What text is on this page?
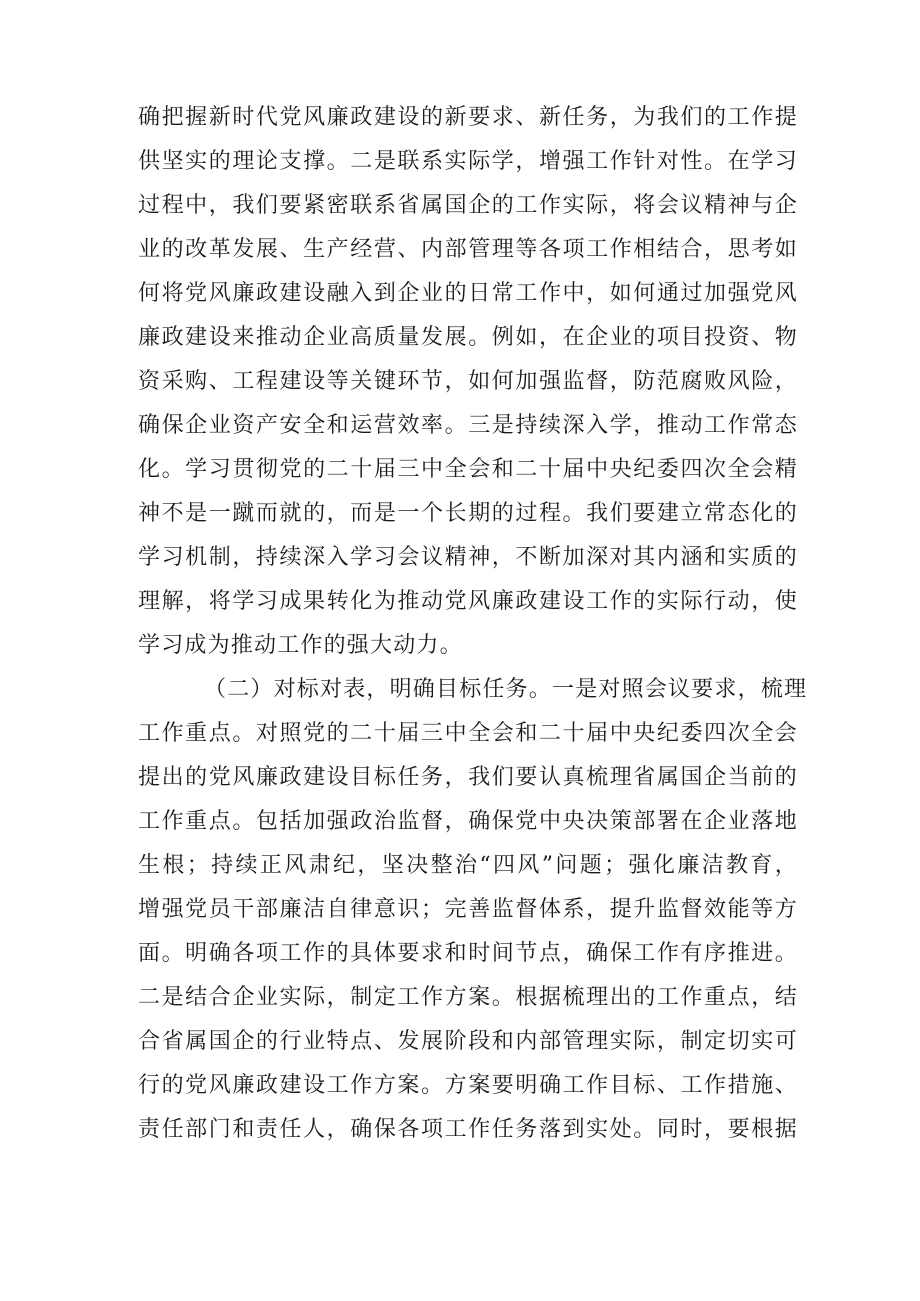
确把握新时代党风廉政建设的新要求、新任务，为我们的工作提
供坚实的理论支撑。二是联系实际学，增强工作针对性。在学习
过程中，我们要紧密联系省属国企的工作实际，将会议精神与企
业的改革发展、生产经营、内部管理等各项工作相结合，思考如
何将党风廉政建设融入到企业的日常工作中，如何通过加强党风
廉政建设来推动企业高质量发展。例如，在企业的项目投资、物
资采购、工程建设等关键环节，如何加强监督，防范腐败风险，
确保企业资产安全和运营效率。三是持续深入学，推动工作常态
化。学习贯彻党的二十届三中全会和二十届中央纪委四次全会精
神不是一蹴而就的，而是一个长期的过程。我们要建立常态化的
学习机制，持续深入学习会议精神，不断加深对其内涵和实质的
理解，将学习成果转化为推动党风廉政建设工作的实际行动，使
学习成为推动工作的强大动力。
（二）对标对表，明确目标任务。一是对照会议要求，梳理
工作重点。对照党的二十届三中全会和二十届中央纪委四次全会
提出的党风廉政建设目标任务，我们要认真梳理省属国企当前的
工作重点。包括加强政治监督，确保党中央决策部署在企业落地
生根；持续正风肃纪，坚决整治“四风”问题；强化廉洁教育，
增强党员干部廉洁自律意识；完善监督体系，提升监督效能等方
面。明确各项工作的具体要求和时间节点，确保工作有序推进。
二是结合企业实际，制定工作方案。根据梳理出的工作重点，结
合省属国企的行业特点、发展阶段和内部管理实际，制定切实可
行的党风廉政建设工作方案。方案要明确工作目标、工作措施、
责任部门和责任人，确保各项工作任务落到实处。同时，要根据
